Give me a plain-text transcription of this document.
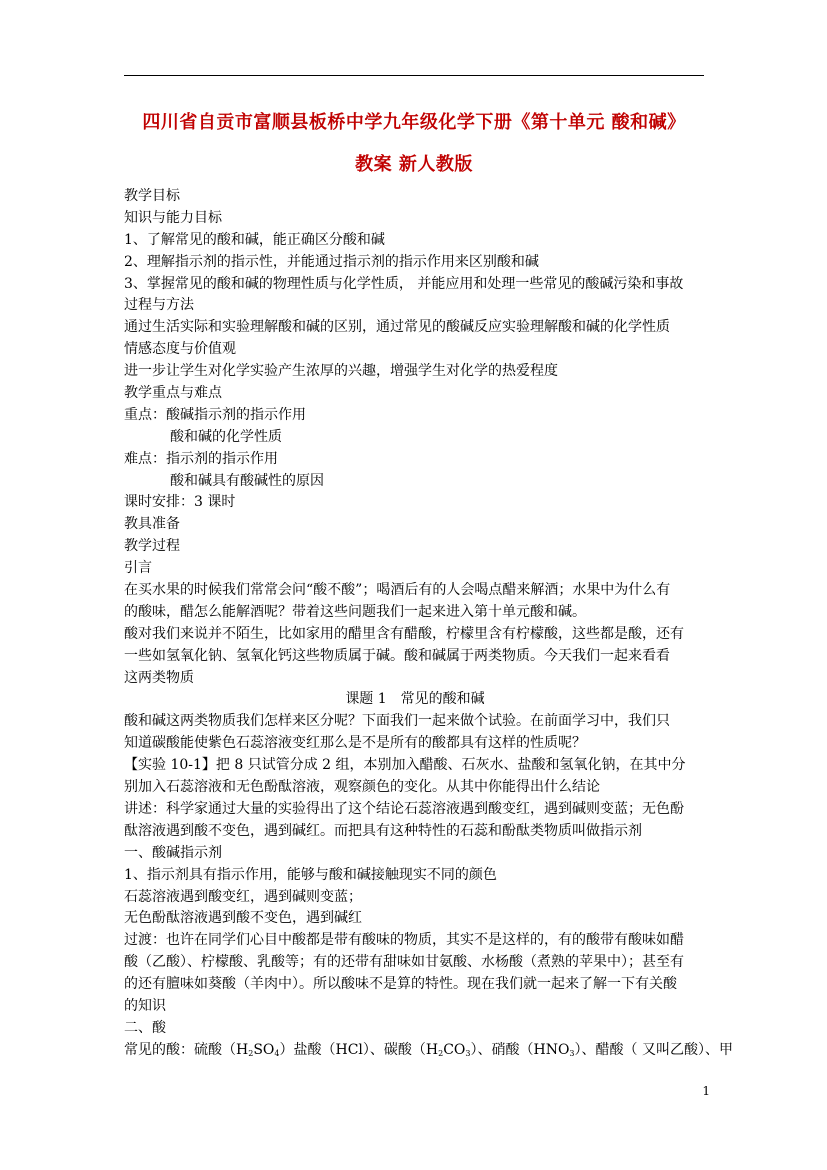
四川省自贡市富顺县板桥中学九年级化学下册《第十单元 酸和碱》
教案 新人教版
教学目标
知识与能力目标
1、了解常见的酸和碱，能正确区分酸和碱
2、理解指示剂的指示性，并能通过指示剂的指示作用来区别酸和碱
3、掌握常见的酸和碱的物理性质与化学性质， 并能应用和处理一些常见的酸碱污染和事故
过程与方法
通过生活实际和实验理解酸和碱的区别，通过常见的酸碱反应实验理解酸和碱的化学性质
情感态度与价值观
进一步让学生对化学实验产生浓厚的兴趣，增强学生对化学的热爱程度
教学重点与难点
重点：酸碱指示剂的指示作用
酸和碱的化学性质
难点：指示剂的指示作用
酸和碱具有酸碱性的原因
课时安排：3 课时
教具准备
教学过程
引言
在买水果的时候我们常常会问“酸不酸”；喝酒后有的人会喝点醋来解酒；水果中为什么有
的酸味，醋怎么能解酒呢？带着这些问题我们一起来进入第十单元酸和碱。
酸对我们来说并不陌生，比如家用的醋里含有醋酸，柠檬里含有柠檬酸，这些都是酸，还有
一些如氢氧化钠、氢氧化钙这些物质属于碱。酸和碱属于两类物质。今天我们一起来看看
这两类物质
课题 1　常见的酸和碱
酸和碱这两类物质我们怎样来区分呢？下面我们一起来做个试验。在前面学习中，我们只
知道碳酸能使紫色石蕊溶液变红那么是不是所有的酸都具有这样的性质呢？
【实验 10-1】把 8 只试管分成 2 组，本别加入醋酸、石灰水、盐酸和氢氧化钠，在其中分
别加入石蕊溶液和无色酚酞溶液，观察颜色的变化。从其中你能得出什么结论
讲述：科学家通过大量的实验得出了这个结论石蕊溶液遇到酸变红，遇到碱则变蓝；无色酚
酞溶液遇到酸不变色，遇到碱红。而把具有这种特性的石蕊和酚酞类物质叫做指示剂
一、酸碱指示剂
1、指示剂具有指示作用，能够与酸和碱接触现实不同的颜色
石蕊溶液遇到酸变红，遇到碱则变蓝；
无色酚酞溶液遇到酸不变色，遇到碱红
过渡：也许在同学们心目中酸都是带有酸味的物质，其实不是这样的，有的酸带有酸味如醋
酸（乙酸）、柠檬酸、乳酸等；有的还带有甜味如甘氨酸、水杨酸（煮熟的苹果中）；甚至有
的还有膻味如葵酸（羊肉中）。所以酸味不是算的特性。现在我们就一起来了解一下有关酸
的知识
二、酸
常见的酸：硫酸$(H_2SO_4)$盐酸（HCl）、碳酸$(H_2CO_3)$、硝酸$(HNO_3)$、醋酸（ 又叫乙酸）、甲
1
